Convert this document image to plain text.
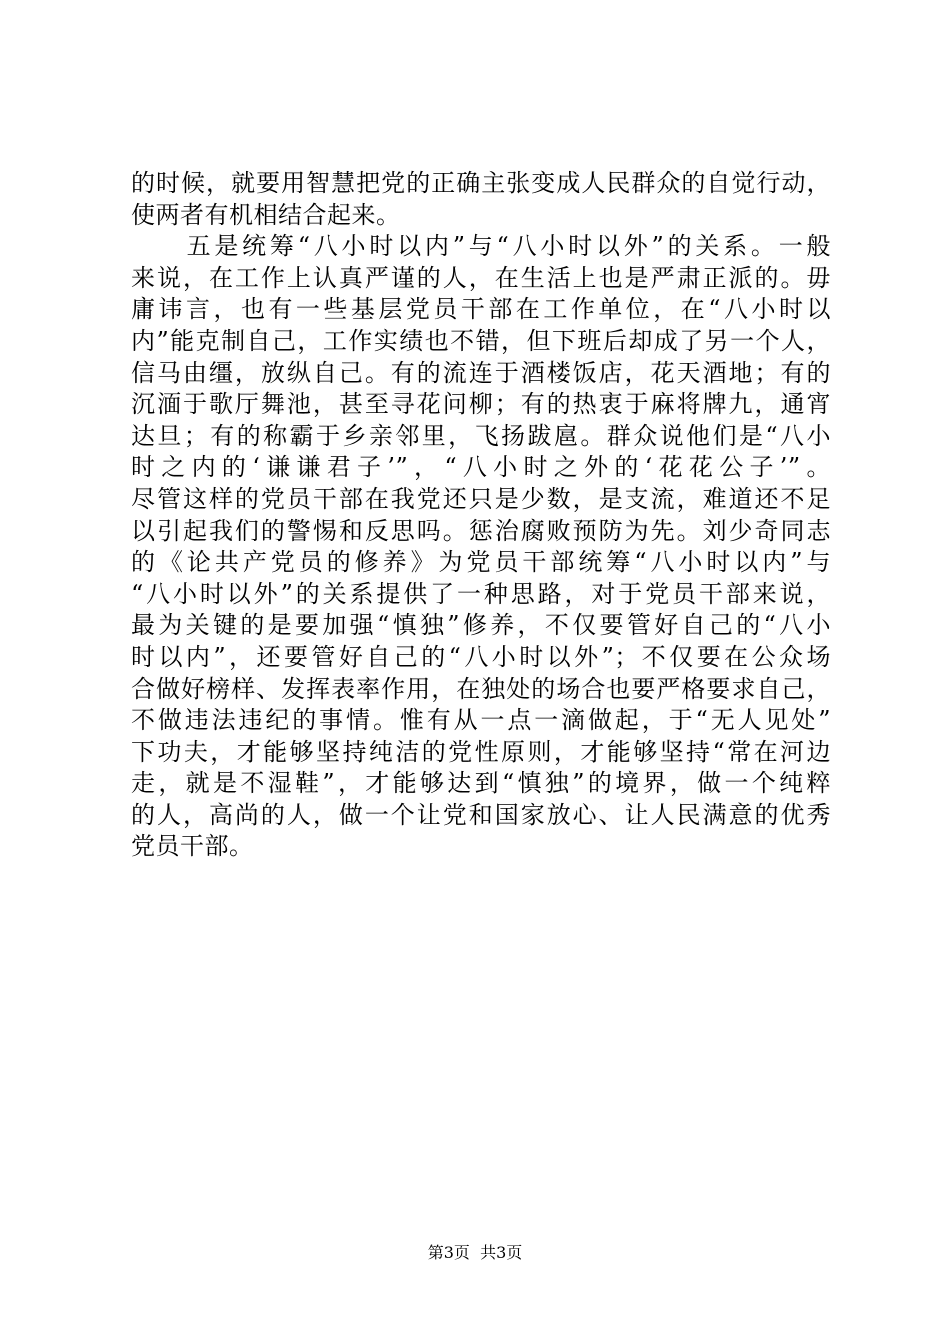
的时候，就要用智慧把党的正确主张变成人民群众的自觉行动，
使两者有机相结合起来。
　　五是统筹“八小时以内”与“八小时以外”的关系。一般
来说，在工作上认真严谨的人，在生活上也是严肃正派的。毋
庸讳言，也有一些基层党员干部在工作单位，在“八小时以
内”能克制自己，工作实绩也不错，但下班后却成了另一个人，
信马由缰，放纵自己。有的流连于酒楼饭店，花天酒地；有的
沉湎于歌厅舞池，甚至寻花问柳；有的热衷于麻将牌九，通宵
达旦；有的称霸于乡亲邻里，飞扬跋扈。群众说他们是“八小
时之内的‘谦谦君子’”，“八小时之外的‘花花公子’”。
尽管这样的党员干部在我党还只是少数，是支流，难道还不足
以引起我们的警惕和反思吗。惩治腐败预防为先。刘少奇同志
的《论共产党员的修养》为党员干部统筹“八小时以内”与
“八小时以外”的关系提供了一种思路，对于党员干部来说，
最为关键的是要加强“慎独”修养，不仅要管好自己的“八小
时以内”，还要管好自己的“八小时以外”；不仅要在公众场
合做好榜样、发挥表率作用，在独处的场合也要严格要求自己，
不做违法违纪的事情。惟有从一点一滴做起，于“无人见处”
下功夫，才能够坚持纯洁的党性原则，才能够坚持“常在河边
走，就是不湿鞋”，才能够达到“慎独”的境界，做一个纯粹
的人，高尚的人，做一个让党和国家放心、让人民满意的优秀
党员干部。
第3页  共3页
